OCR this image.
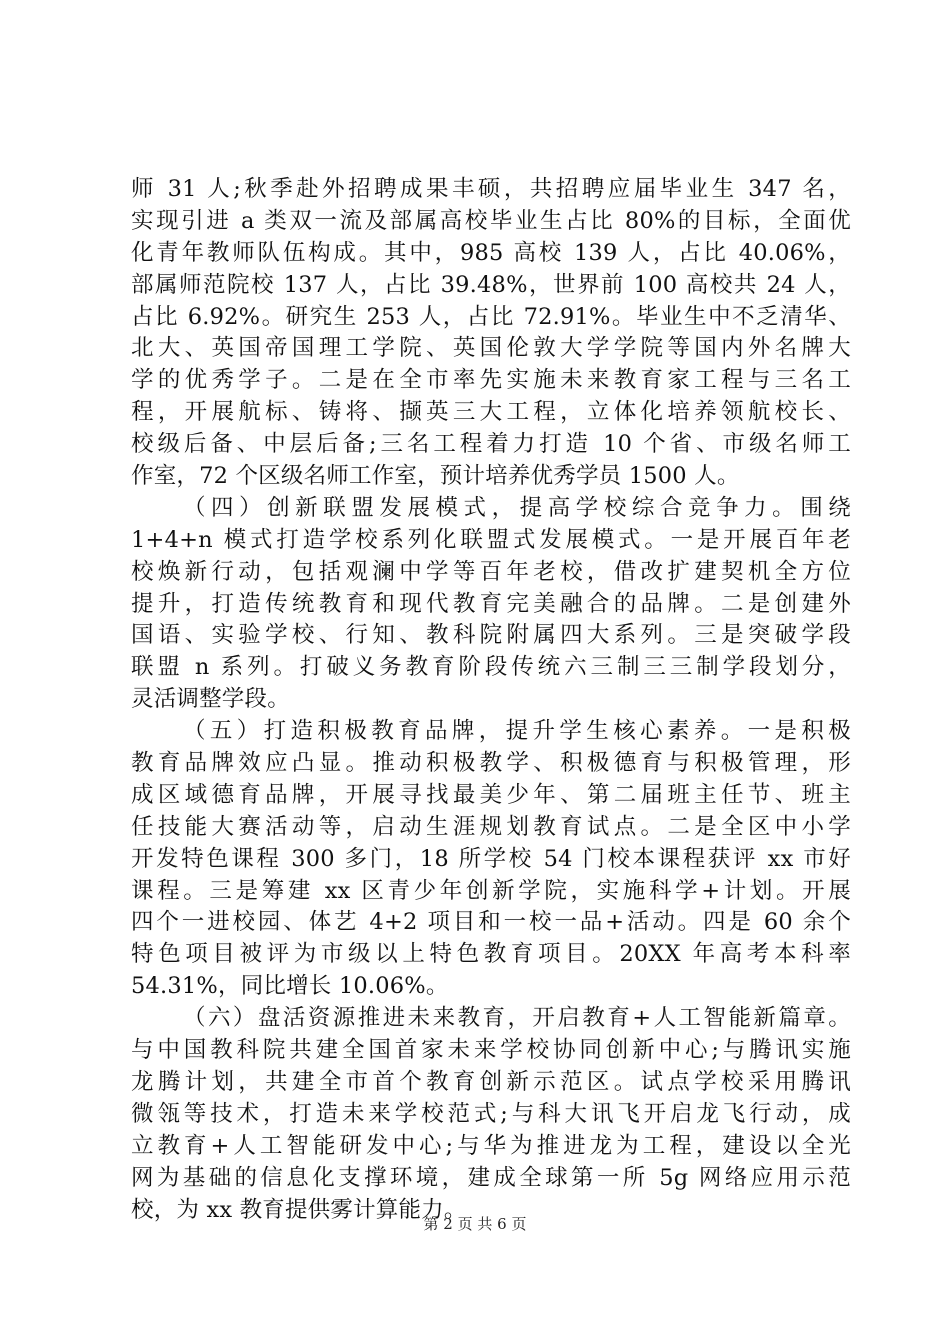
师 31 人;秋季赴外招聘成果丰硕，共招聘应届毕业生 347 名，
实现引进 a 类双一流及部属高校毕业生占比 80%的目标，全面优
化青年教师队伍构成。其中，985 高校 139 人，占比 40.06%，
部属师范院校 137 人，占比 39.48%，世界前 100 高校共 24 人，
占比 6.92%。研究生 253 人，占比 72.91%。毕业生中不乏清华、
北大、英国帝国理工学院、英国伦敦大学学院等国内外名牌大
学的优秀学子。二是在全市率先实施未来教育家工程与三名工
程，开展航标、铸将、撷英三大工程，立体化培养领航校长、
校级后备、中层后备;三名工程着力打造 10 个省、市级名师工
作室，72 个区级名师工作室，预计培养优秀学员 1500 人。
（四）创新联盟发展模式，提高学校综合竞争力。围绕
1+4+n 模式打造学校系列化联盟式发展模式。一是开展百年老
校焕新行动，包括观澜中学等百年老校，借改扩建契机全方位
提升，打造传统教育和现代教育完美融合的品牌。二是创建外
国语、实验学校、行知、教科院附属四大系列。三是突破学段
联盟 n 系列。打破义务教育阶段传统六三制三三制学段划分，
灵活调整学段。
（五）打造积极教育品牌，提升学生核心素养。一是积极
教育品牌效应凸显。推动积极教学、积极德育与积极管理，形
成区域德育品牌，开展寻找最美少年、第二届班主任节、班主
任技能大赛活动等，启动生涯规划教育试点。二是全区中小学
开发特色课程 300 多门，18 所学校 54 门校本课程获评 xx 市好
课程。三是筹建 xx 区青少年创新学院，实施科学+计划。开展
四个一进校园、体艺 4+2 项目和一校一品+活动。四是 60 余个
特色项目被评为市级以上特色教育项目。20XX 年高考本科率
54.31%，同比增长 10.06%。
（六）盘活资源推进未来教育，开启教育+人工智能新篇章。
与中国教科院共建全国首家未来学校协同创新中心;与腾讯实施
龙腾计划，共建全市首个教育创新示范区。试点学校采用腾讯
微瓴等技术，打造未来学校范式;与科大讯飞开启龙飞行动，成
立教育+人工智能研发中心;与华为推进龙为工程，建设以全光
网为基础的信息化支撑环境，建成全球第一所 5g 网络应用示范
校，为 xx 教育提供雾计算能力。
第 2 页 共 6 页
